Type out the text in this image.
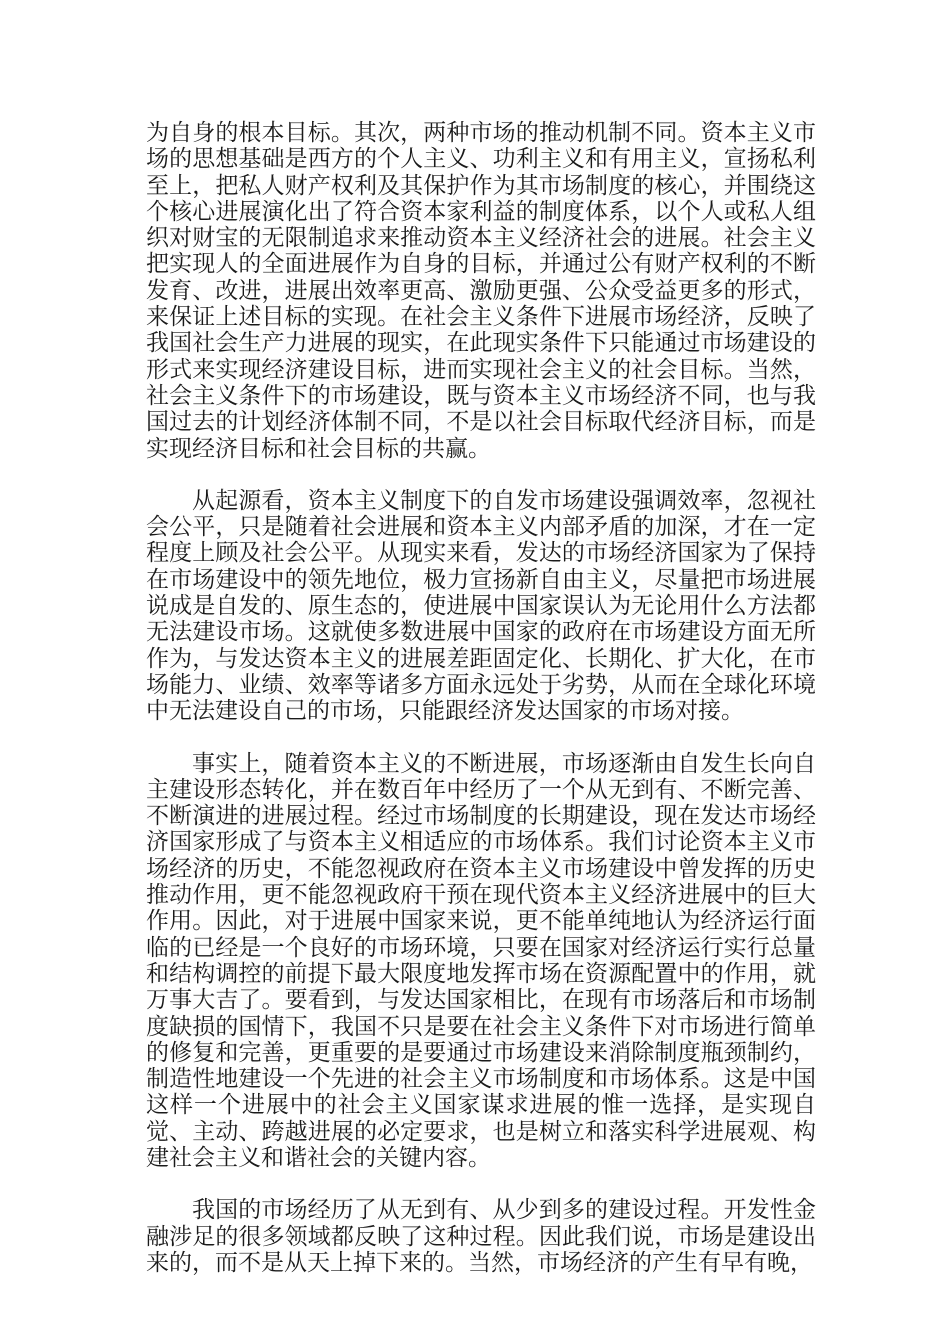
为自身的根本目标。其次，两种市场的推动机制不同。资本主义市场的思想基础是西方的个人主义、功利主义和有用主义，宣扬私利至上，把私人财产权利及其保护作为其市场制度的核心，并围绕这个核心进展演化出了符合资本家利益的制度体系，以个人或私人组织对财宝的无限制追求来推动资本主义经济社会的进展。社会主义把实现人的全面进展作为自身的目标，并通过公有财产权利的不断发育、改进，进展出效率更高、激励更强、公众受益更多的形式，来保证上述目标的实现。在社会主义条件下进展市场经济，反映了我国社会生产力进展的现实，在此现实条件下只能通过市场建设的形式来实现经济建设目标，进而实现社会主义的社会目标。当然，社会主义条件下的市场建设，既与资本主义市场经济不同，也与我国过去的计划经济体制不同，不是以社会目标取代经济目标，而是实现经济目标和社会目标的共赢。

从起源看，资本主义制度下的自发市场建设强调效率，忽视社会公平，只是随着社会进展和资本主义内部矛盾的加深，才在一定程度上顾及社会公平。从现实来看，发达的市场经济国家为了保持在市场建设中的领先地位，极力宣扬新自由主义，尽量把市场进展说成是自发的、原生态的，使进展中国家误认为无论用什么方法都无法建设市场。这就使多数进展中国家的政府在市场建设方面无所作为，与发达资本主义的进展差距固定化、长期化、扩大化，在市场能力、业绩、效率等诸多方面永远处于劣势，从而在全球化环境中无法建设自己的市场，只能跟经济发达国家的市场对接。

事实上，随着资本主义的不断进展，市场逐渐由自发生长向自主建设形态转化，并在数百年中经历了一个从无到有、不断完善、不断演进的进展过程。经过市场制度的长期建设，现在发达市场经济国家形成了与资本主义相适应的市场体系。我们讨论资本主义市场经济的历史，不能忽视政府在资本主义市场建设中曾发挥的历史推动作用，更不能忽视政府干预在现代资本主义经济进展中的巨大作用。因此，对于进展中国家来说，更不能单纯地认为经济运行面临的已经是一个良好的市场环境，只要在国家对经济运行实行总量和结构调控的前提下最大限度地发挥市场在资源配置中的作用，就万事大吉了。要看到，与发达国家相比，在现有市场落后和市场制度缺损的国情下，我国不只是要在社会主义条件下对市场进行简单的修复和完善，更重要的是要通过市场建设来消除制度瓶颈制约，制造性地建设一个先进的社会主义市场制度和市场体系。这是中国这样一个进展中的社会主义国家谋求进展的惟一选择，是实现自觉、主动、跨越进展的必定要求，也是树立和落实科学进展观、构建社会主义和谐社会的关键内容。

我国的市场经历了从无到有、从少到多的建设过程。开发性金融涉足的很多领域都反映了这种过程。因此我们说，市场是建设出来的，而不是从天上掉下来的。当然，市场经济的产生有早有晚，
